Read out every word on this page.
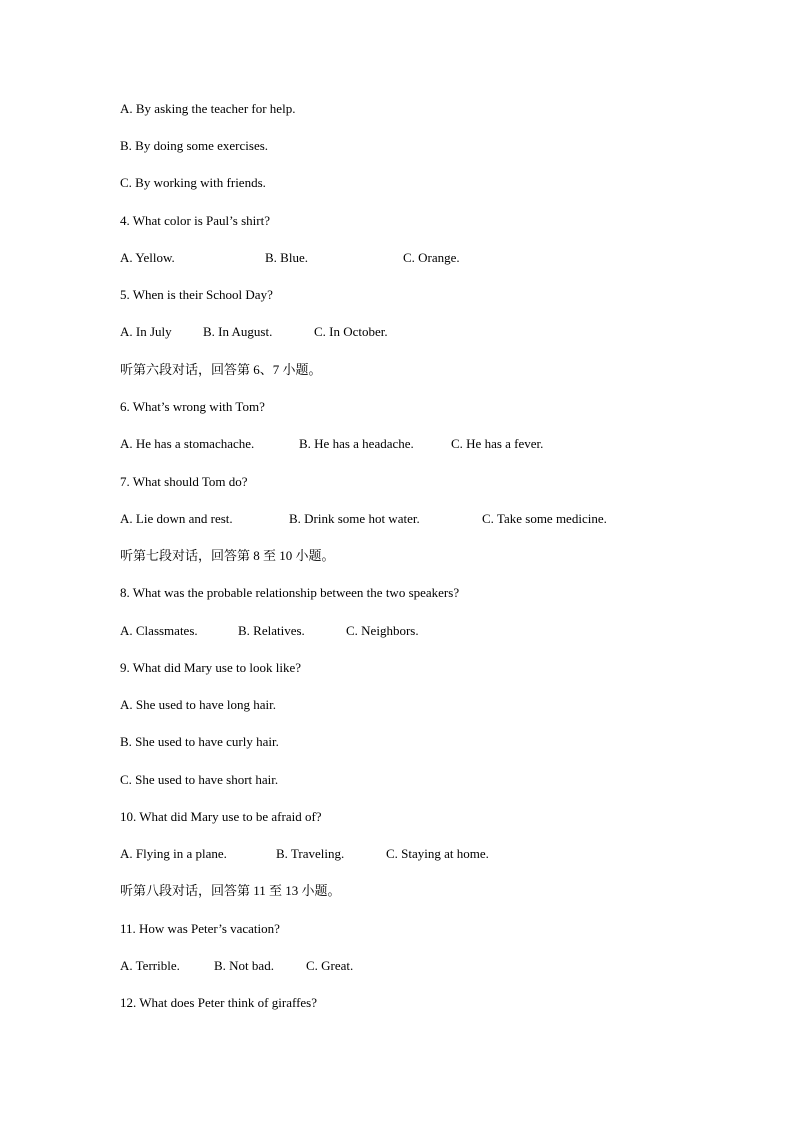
A. By asking the teacher for help.
B. By doing some exercises.
C. By working with friends.
4. What color is Paul’s shirt?
A. Yellow.	B. Blue.	C. Orange.
5. When is their School Day?
A. In July B. In August.	C. In October.
听第六段对话，回答第 6、7 小题。
6. What’s wrong with Tom?
A. He has a stomachache.	B. He has a headache.	C. He has a fever.
7. What should Tom do?
A. Lie down and rest.	B. Drink some hot water.	C. Take some medicine.
听第七段对话，回答第 8 至 10 小题。
8. What was the probable relationship between the two speakers?
A. Classmates.	B. Relatives.	C. Neighbors.
9. What did Mary use to look like?
A. She used to have long hair.
B. She used to have curly hair.
C. She used to have short hair.
10. What did Mary use to be afraid of?
A. Flying in a plane.	B. Traveling.	C. Staying at home.
听第八段对话，回答第 11 至 13 小题。
11. How was Peter’s vacation?
A. Terrible.	B. Not bad. C. Great.
12. What does Peter think of giraffes?
